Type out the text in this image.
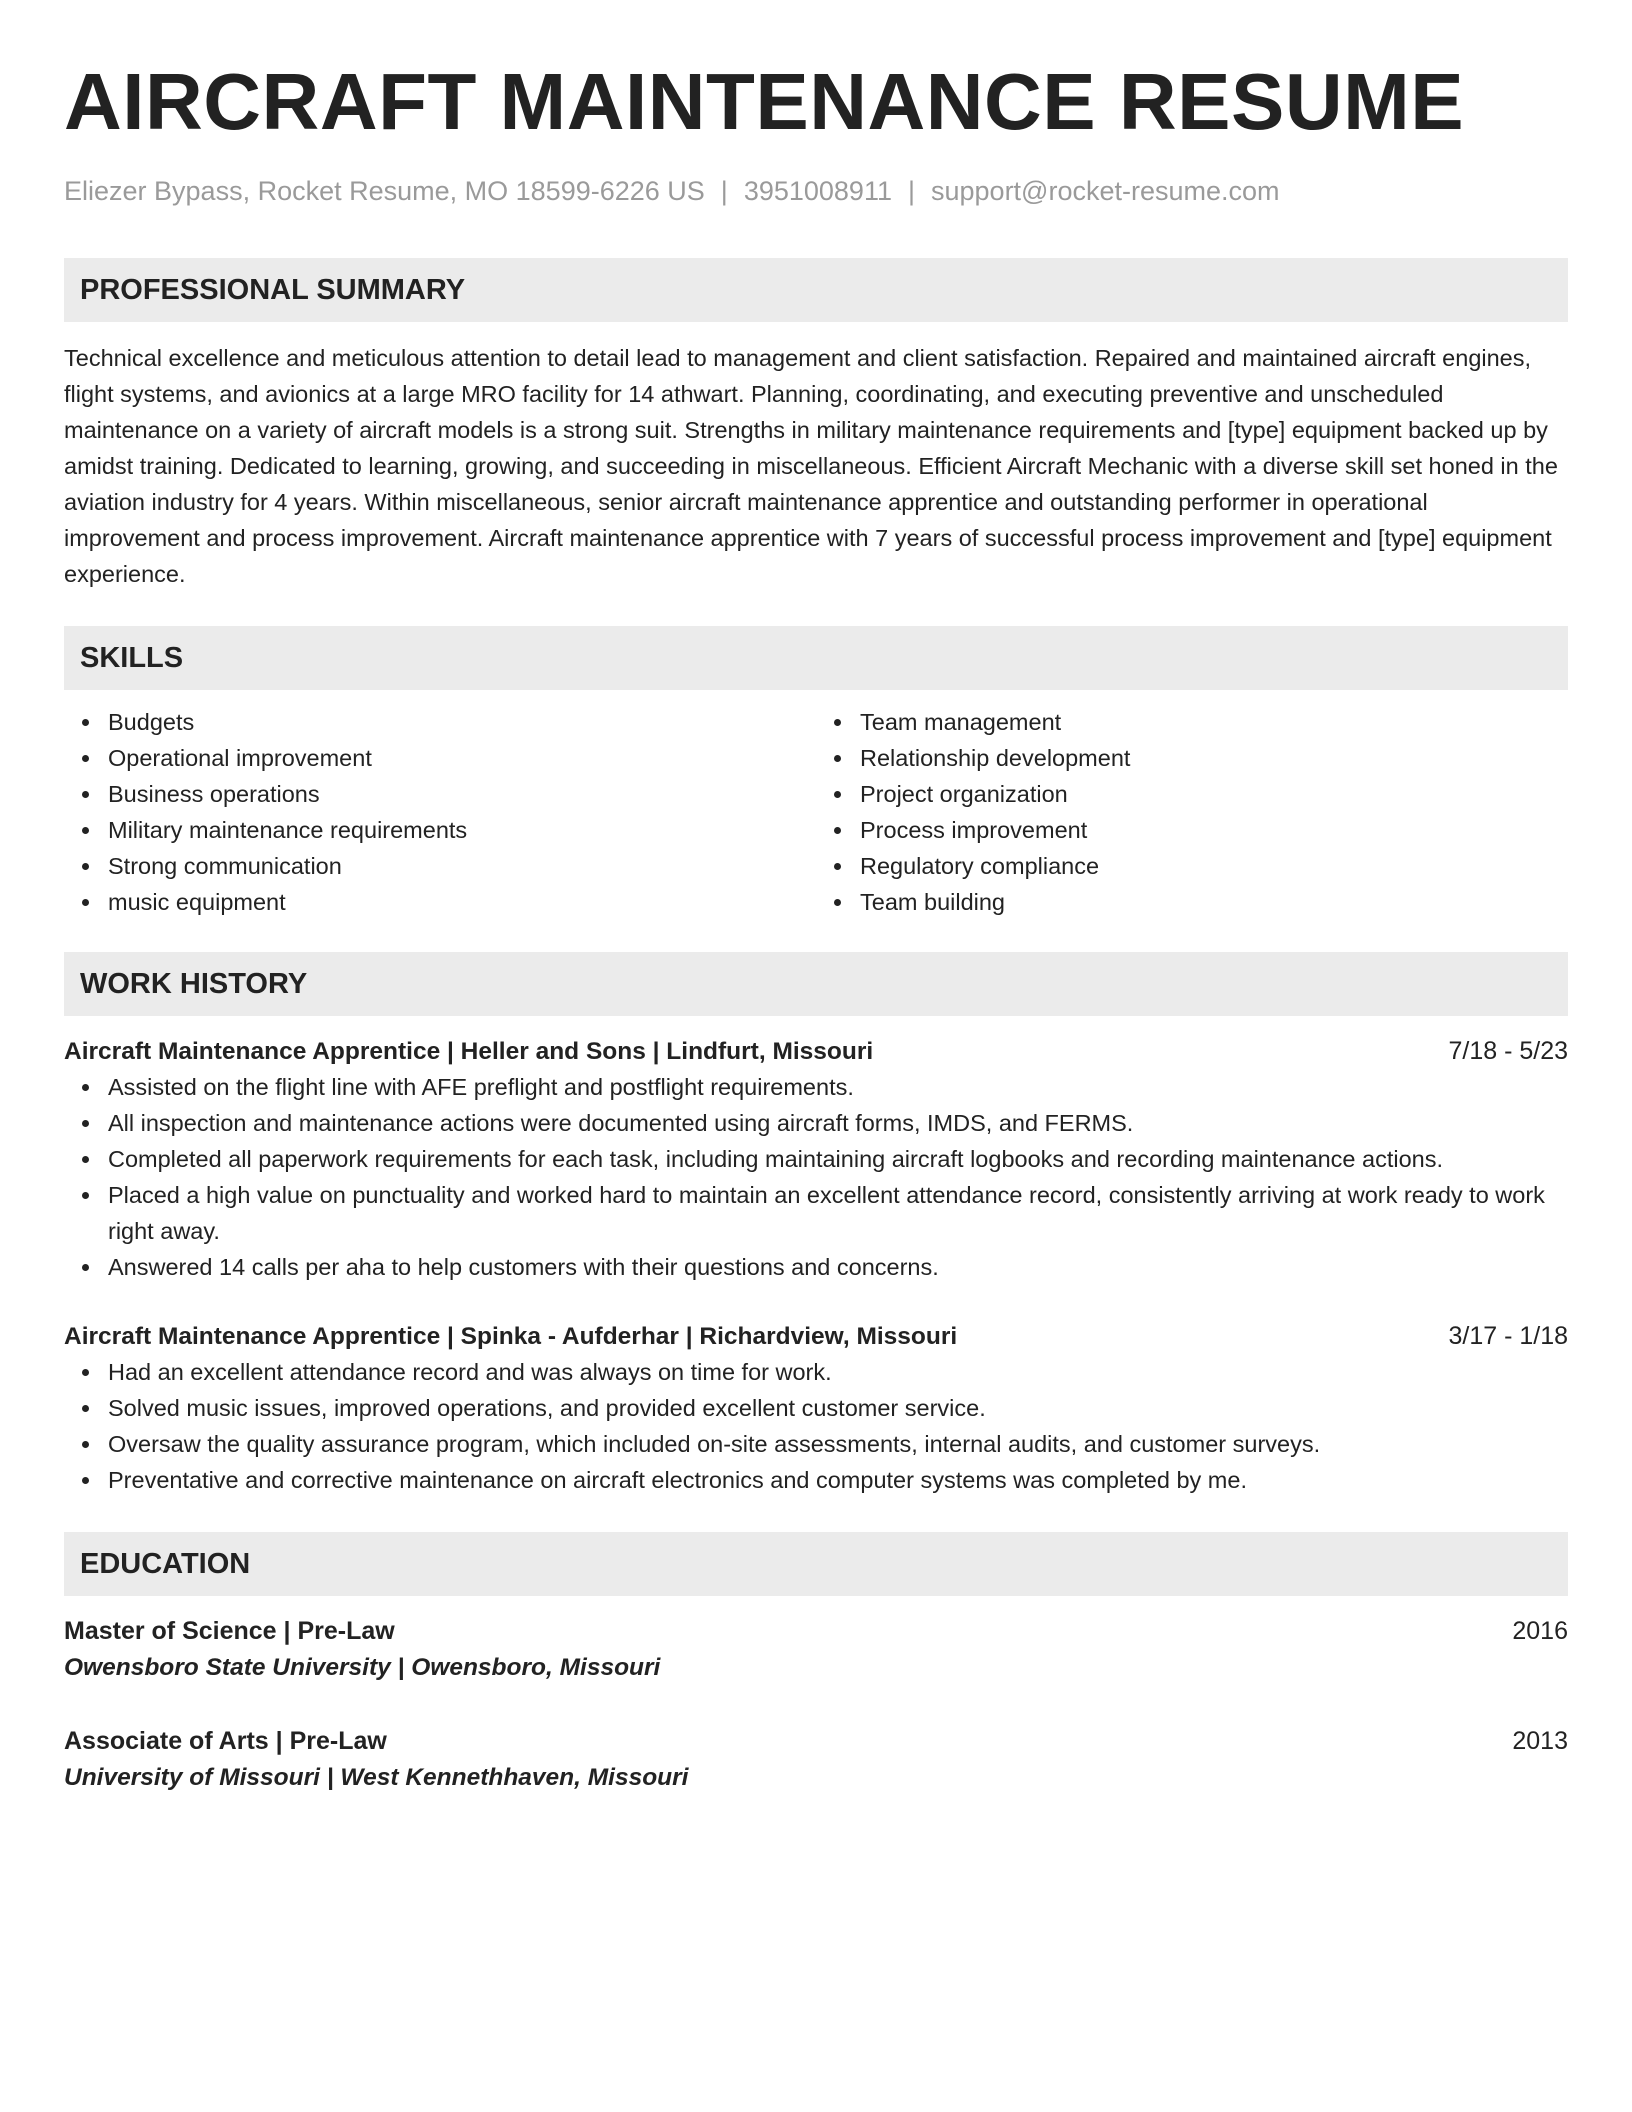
AIRCRAFT MAINTENANCE RESUME
Eliezer Bypass, Rocket Resume, MO 18599-6226 US | 3951008911 | support@rocket-resume.com
PROFESSIONAL SUMMARY

Technical excellence and meticulous attention to detail lead to management and client satisfaction. Repaired and maintained aircraft engines, flight systems, and avionics at a large MRO facility for 14 athwart. Planning, coordinating, and executing preventive and unscheduled maintenance on a variety of aircraft models is a strong suit. Strengths in military maintenance requirements and [type] equipment backed up by amidst training. Dedicated to learning, growing, and succeeding in miscellaneous. Efficient Aircraft Mechanic with a diverse skill set honed in the aviation industry for 4 years. Within miscellaneous, senior aircraft maintenance apprentice and outstanding performer in operational improvement and process improvement. Aircraft maintenance apprentice with 7 years of successful process improvement and [type] equipment experience.

SKILLS
Budgets
Operational improvement
Business operations
Military maintenance requirements
Strong communication
music equipment
Team management
Relationship development
Project organization
Process improvement
Regulatory compliance
Team building
WORK HISTORY
Aircraft Maintenance Apprentice | Heller and Sons | Lindfurt, Missouri	7/18 - 5/23
Assisted on the flight line with AFE preflight and postflight requirements.
All inspection and maintenance actions were documented using aircraft forms, IMDS, and FERMS.
Completed all paperwork requirements for each task, including maintaining aircraft logbooks and recording maintenance actions.
Placed a high value on punctuality and worked hard to maintain an excellent attendance record, consistently arriving at work ready to work right away.
Answered 14 calls per aha to help customers with their questions and concerns.
Aircraft Maintenance Apprentice | Spinka - Aufderhar | Richardview, Missouri	3/17 - 1/18
Had an excellent attendance record and was always on time for work.
Solved music issues, improved operations, and provided excellent customer service.
Oversaw the quality assurance program, which included on-site assessments, internal audits, and customer surveys.
Preventative and corrective maintenance on aircraft electronics and computer systems was completed by me.
EDUCATION
Master of Science | Pre-Law	2016
Owensboro State University | Owensboro, Missouri
Associate of Arts | Pre-Law	2013
University of Missouri | West Kennethhaven, Missouri
